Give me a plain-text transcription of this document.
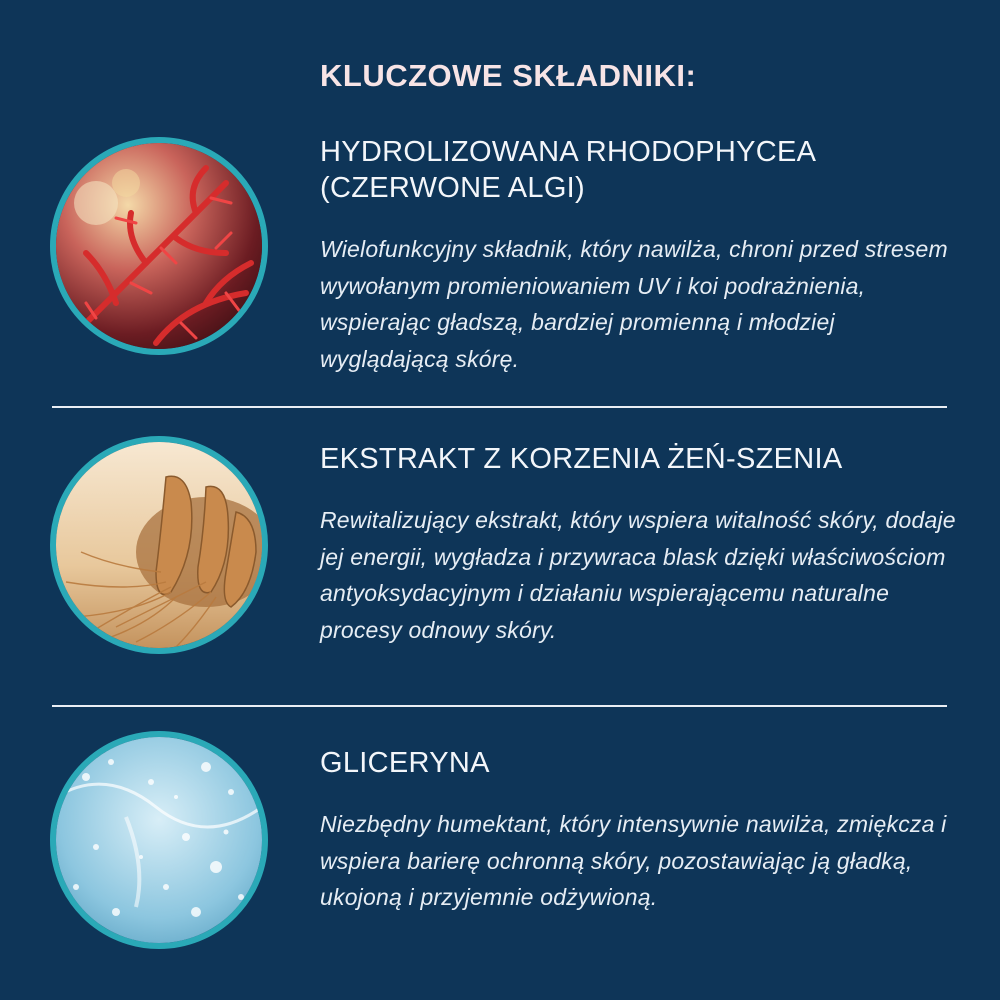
KLUCZOWE SKŁADNIKI:
HYDROLIZOWANA RHODOPHYCEA (CZERWONE ALGI)
Wielofunkcyjny składnik, który nawilża, chroni przed stresem wywołanym promieniowaniem UV i koi podrażnienia, wspierając gładszą, bardziej promienną i młodziej wyglądającą skórę.
EKSTRAKT Z KORZENIA ŻEŃ-SZENIA
Rewitalizujący ekstrakt, który wspiera witalność skóry, dodaje jej energii, wygładza i przywraca blask dzięki właściwościom antyoksydacyjnym i działaniu wspierającemu naturalne procesy odnowy skóry.
GLICERYNA
Niezbędny humektant, który intensywnie nawilża, zmiękcza i wspiera barierę ochronną skóry, pozostawiając ją gładką, ukojoną i przyjemnie odżywioną.
